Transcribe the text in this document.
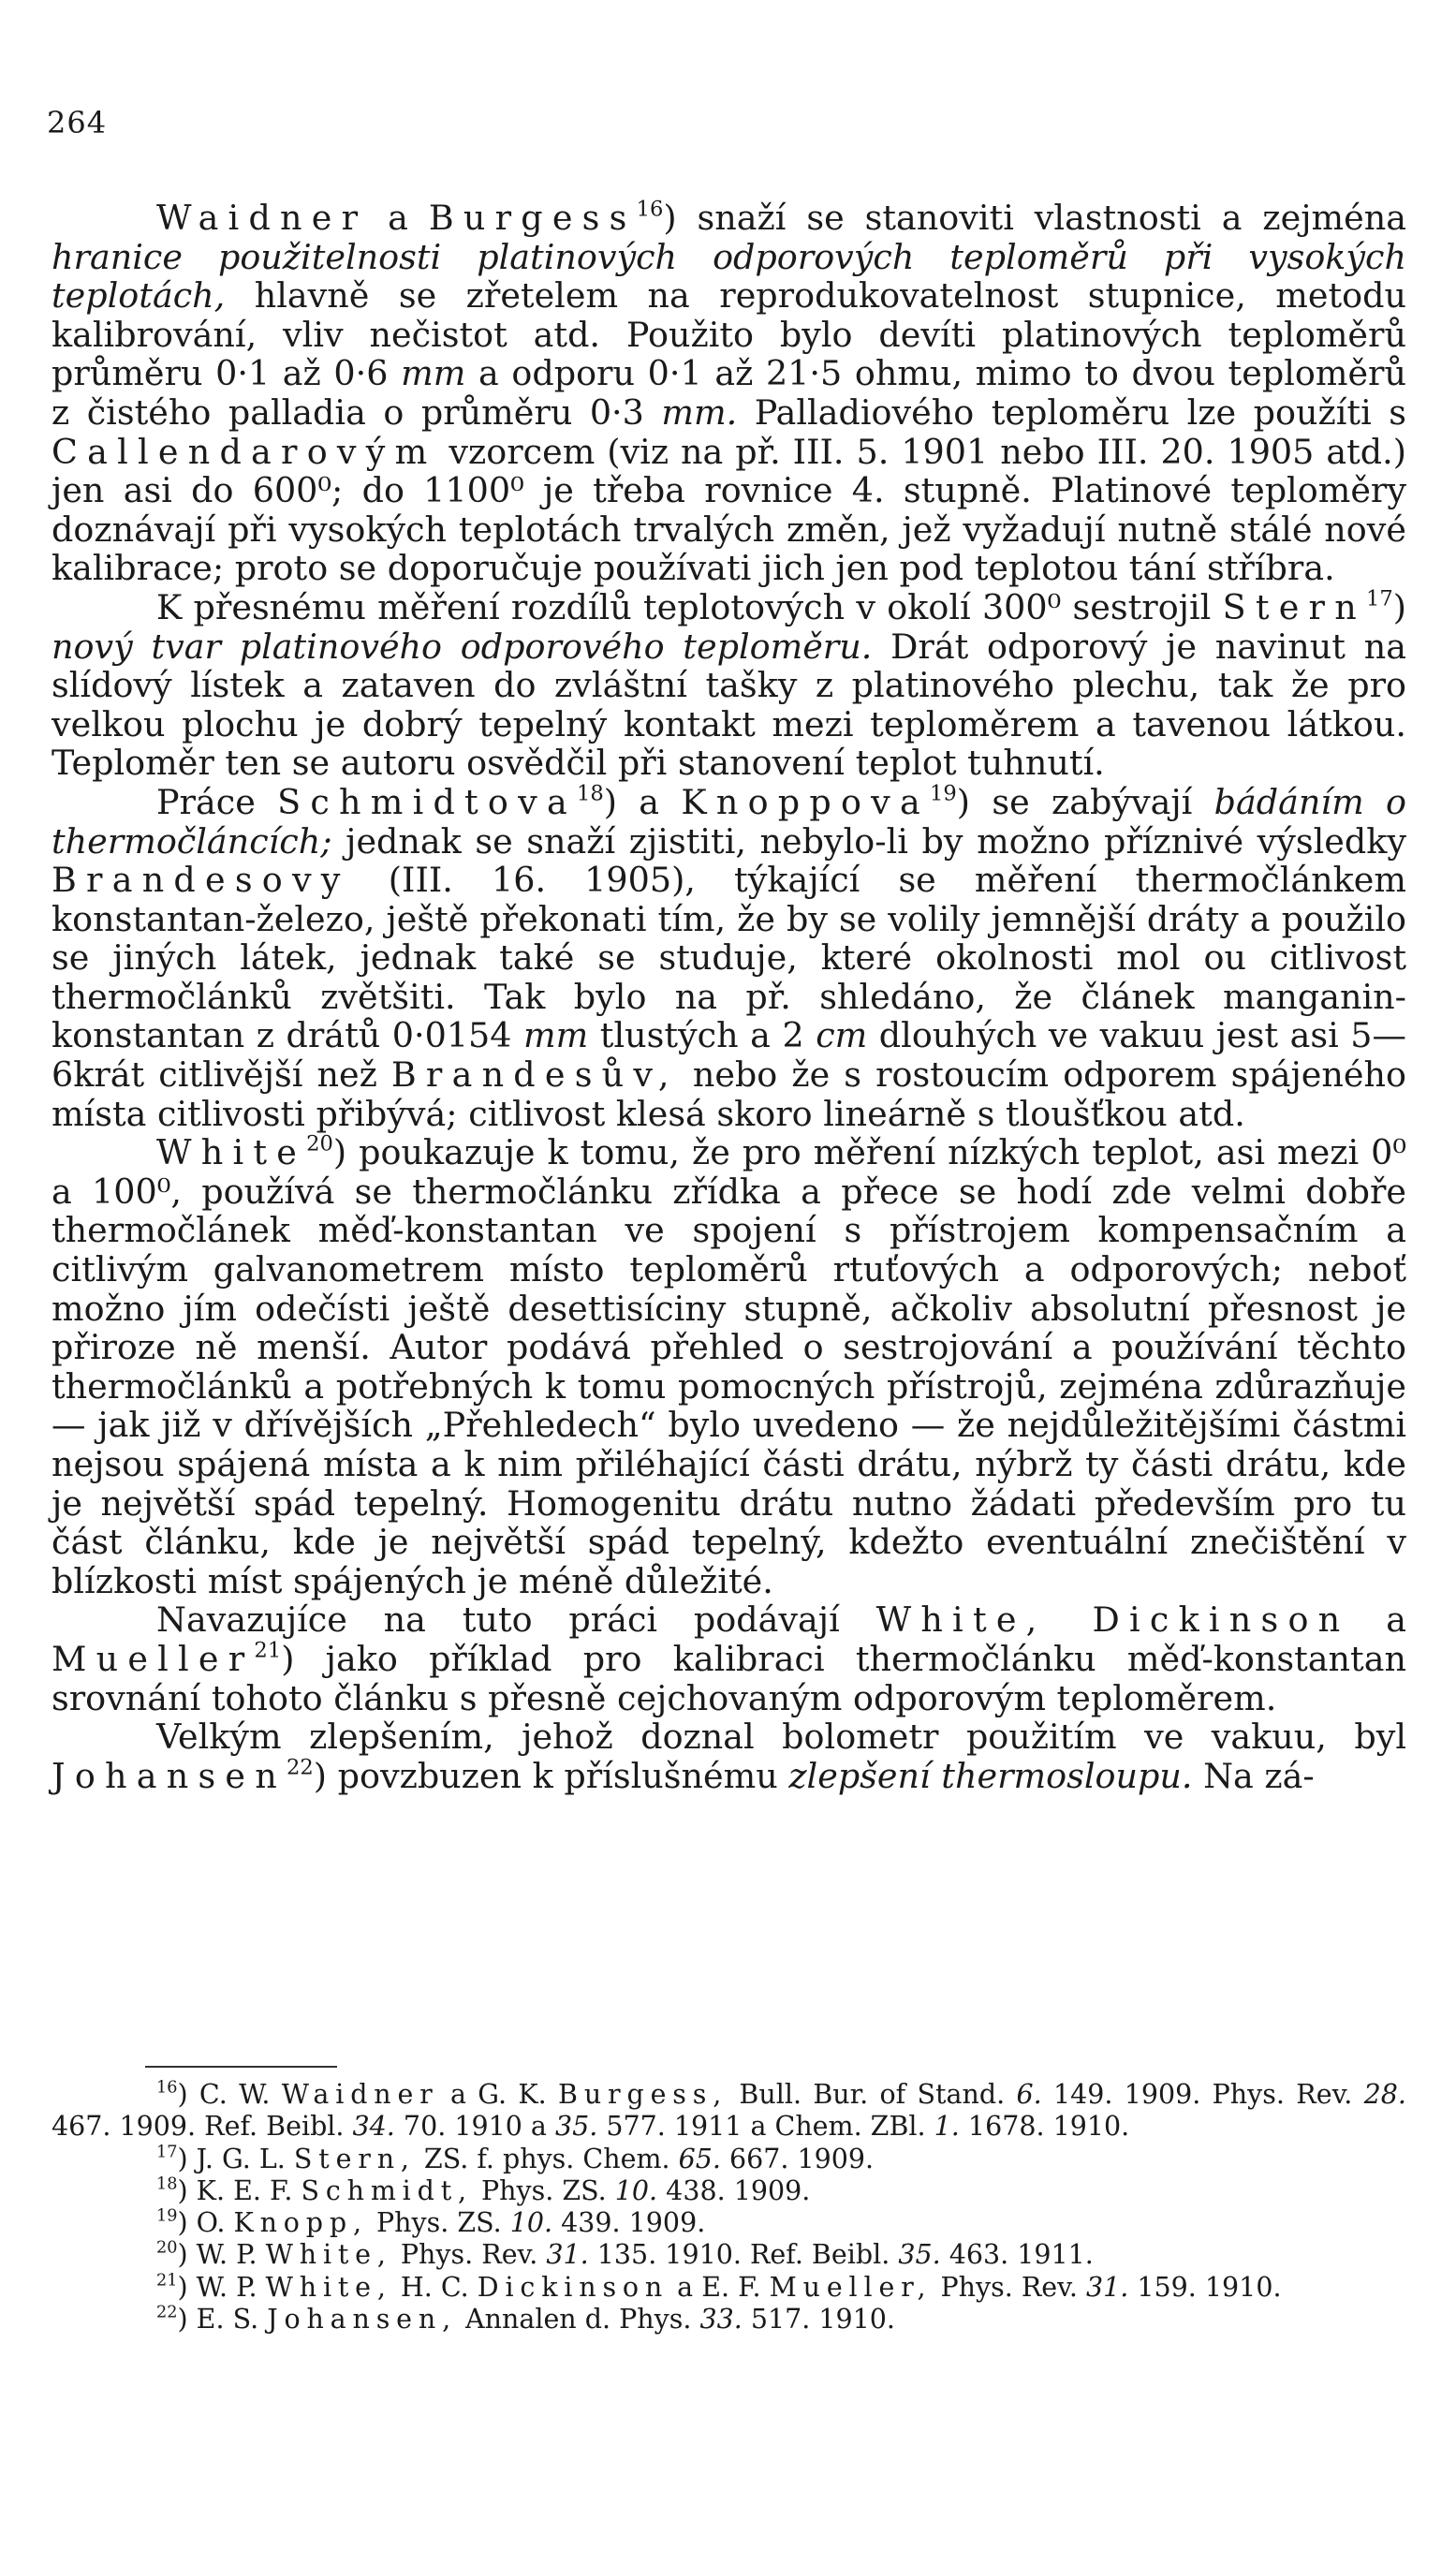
264

Waidner a Burgess$^{16}$) snaží se stanoviti vlastnosti a zejména hranice použitelnosti platinových odporových teploměrů při vysokých teplotách, hlavně se zřetelem na reprodukovatelnost stupnice, metodu kalibrování, vliv nečistot atd. Použito bylo devíti platinových teploměrů průměru 0·1 až 0·6 mm a odporu 0·1 až 21·5 ohmu, mimo to dvou teploměrů z čistého palladia o průměru 0·3 mm. Palladiového teploměru lze použíti s Callendarovým vzorcem (viz na př. III. 5. 1901 nebo III. 20. 1905 atd.) jen asi do 600⁰; do 1100⁰ je třeba rovnice 4. stupně. Platinové teploměry doznávají při vysokých teplotách trvalých změn, jež vyžadují nutně stálé nové kalibrace; proto se doporučuje používati jich jen pod teplotou tání stříbra.

K přesnému měření rozdílů teplotových v okolí 300⁰ sestrojil Stern$^{17}$) nový tvar platinového odporového teploměru. Drát odporový je navinut na slídový lístek a zataven do zvláštní tašky z platinového plechu, tak že pro velkou plochu je dobrý tepelný kontakt mezi teploměrem a tavenou látkou. Teploměr ten se autoru osvědčil při stanovení teplot tuhnutí.

Práce Schmidtova$^{18}$) a Knoppova$^{19}$) se zabývají bádáním o thermočláncích; jednak se snaží zjistiti, nebylo-li by možno příznivé výsledky Brandesovy (III. 16. 1905), týkající se měření thermočlánkem konstantan-železo, ještě překonati tím, že by se volily jemnější dráty a použilo se jiných látek, jednak také se studuje, které okolnosti mol ou citlivost thermočlánků zvětšiti. Tak bylo na př. shledáno, že článek manganin-konstantan z drátů 0·0154 mm tlustých a 2 cm dlouhých ve vakuu jest asi 5—6krát citlivější než Brandesův, nebo že s rostoucím odporem spájeného místa citlivosti přibývá; citlivost klesá skoro lineárně s tloušťkou atd.

White$^{20}$) poukazuje k tomu, že pro měření nízkých teplot, asi mezi 0⁰ a 100⁰, používá se thermočlánku zřídka a přece se hodí zde velmi dobře thermočlánek měď-konstantan ve spojení s přístrojem kompensačním a citlivým galvanometrem místo teploměrů rtuťových a odporových; neboť možno jím odečísti ještě desettisíciny stupně, ačkoliv absolutní přesnost je přiroze ně menší. Autor podává přehled o sestrojování a používání těchto thermočlánků a potřebných k tomu pomocných přístrojů, zejména zdůrazňuje — jak již v dřívějších „Přehledech“ bylo uvedeno — že nejdůležitějšími částmi nejsou spájená místa a k nim přiléhající části drátu, nýbrž ty části drátu, kde je největší spád tepelný. Homogenitu drátu nutno žádati především pro tu část článku, kde je největší spád tepelný, kdežto eventuální znečištění v blízkosti míst spájených je méně důležité.

Navazujíce na tuto práci podávají White, Dickinson a Mueller$^{21}$) jako příklad pro kalibraci thermočlánku měď-konstantan srovnání tohoto článku s přesně cejchovaným odporovým teploměrem.

Velkým zlepšením, jehož doznal bolometr použitím ve vakuu, byl Johansen$^{22}$) povzbuzen k příslušnému zlepšení thermosloupu. Na zá-

$^{16}$) C. W. Waidner a G. K. Burgess, Bull. Bur. of Stand. 6. 149. 1909. Phys. Rev. 28. 467. 1909. Ref. Beibl. 34. 70. 1910 a 35. 577. 1911 a Chem. ZBl. 1. 1678. 1910.

$^{17}$) J. G. L. Stern, ZS. f. phys. Chem. 65. 667. 1909.

$^{18}$) K. E. F. Schmidt, Phys. ZS. 10. 438. 1909.

$^{19}$) O. Knopp, Phys. ZS. 10. 439. 1909.

$^{20}$) W. P. White, Phys. Rev. 31. 135. 1910. Ref. Beibl. 35. 463. 1911.

$^{21}$) W. P. White, H. C. Dickinson a E. F. Mueller, Phys. Rev. 31. 159. 1910.

$^{22}$) E. S. Johansen, Annalen d. Phys. 33. 517. 1910.
